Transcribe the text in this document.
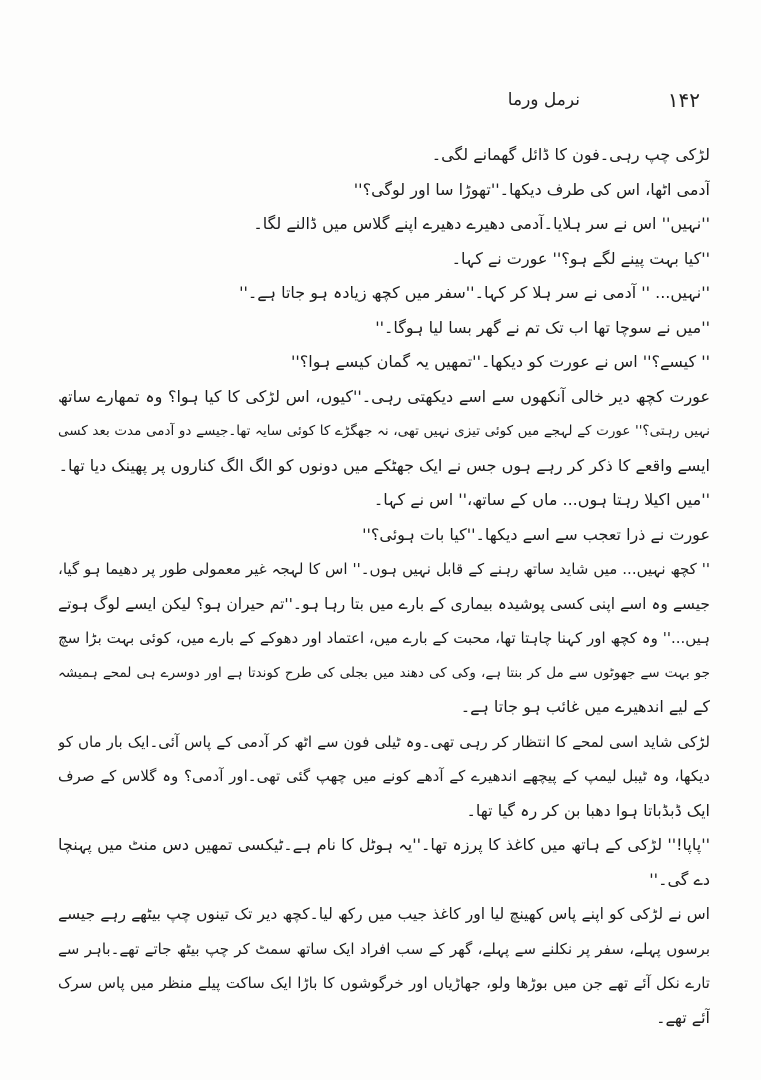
۱۴۲
نرمل ورما
لڑکی چپ رہی۔فون کا ڈائل گھمانے لگی۔
آدمی اٹھا، اس کی طرف دیکھا۔''تھوڑا سا اور لوگی؟''
''نہیں'' اس نے سر ہلایا۔آدمی دھیرے دھیرے اپنے گلاس میں ڈالنے لگا۔
''کیا بہت پینے لگے ہو؟'' عورت نے کہا۔
''نہیں... '' آدمی نے سر ہلا کر کہا۔''سفر میں کچھ زیادہ ہو جاتا ہے۔''
''میں نے سوچا تھا اب تک تم نے گھر بسا لیا ہوگا۔''
'' کیسے؟'' اس نے عورت کو دیکھا۔''تمھیں یہ گمان کیسے ہوا؟''
عورت کچھ دیر خالی آنکھوں سے اسے دیکھتی رہی۔''کیوں، اس لڑکی کا کیا ہوا؟ وہ تمھارے ساتھ
نہیں رہتی؟'' عورت کے لہجے میں کوئی تیزی نہیں تھی، نہ جھگڑے کا کوئی سایہ تھا۔جیسے دو آدمی مدت بعد کسی
ایسے واقعے کا ذکر کر رہے ہوں جس نے ایک جھٹکے میں دونوں کو الگ الگ کناروں پر پھینک دیا تھا۔
''میں اکیلا رہتا ہوں... ماں کے ساتھ،'' اس نے کہا۔
عورت نے ذرا تعجب سے اسے دیکھا۔''کیا بات ہوئی؟''
'' کچھ نہیں... میں شاید ساتھ رہنے کے قابل نہیں ہوں۔'' اس کا لہجہ غیر معمولی طور پر دھیما ہو گیا،
جیسے وہ اسے اپنی کسی پوشیدہ بیماری کے بارے میں بتا رہا ہو۔''تم حیران ہو؟ لیکن ایسے لوگ ہوتے
ہیں...'' وہ کچھ اور کہنا چاہتا تھا، محبت کے بارے میں، اعتماد اور دھوکے کے بارے میں، کوئی بہت بڑا سچ
جو بہت سے جھوٹوں سے مل کر بنتا ہے، وکی کی دھند میں بجلی کی طرح کوندتا ہے اور دوسرے ہی لمحے ہمیشہ
کے لیے اندھیرے میں غائب ہو جاتا ہے۔
لڑکی شاید اسی لمحے کا انتظار کر رہی تھی۔وہ ٹیلی فون سے اٹھ کر آدمی کے پاس آئی۔ایک بار ماں کو
دیکھا، وہ ٹیبل لیمپ کے پیچھے اندھیرے کے آدھے کونے میں چھپ گئی تھی۔اور آدمی؟ وہ گلاس کے صرف
ایک ڈبڈباتا ہوا دھبا بن کر رہ گیا تھا۔
''پاپا!'' لڑکی کے ہاتھ میں کاغذ کا پرزہ تھا۔''یہ ہوٹل کا نام ہے۔ٹیکسی تمھیں دس منٹ میں پہنچا
دے گی۔''
اس نے لڑکی کو اپنے پاس کھینچ لیا اور کاغذ جیب میں رکھ لیا۔کچھ دیر تک تینوں چپ بیٹھے رہے جیسے
برسوں پہلے، سفر پر نکلنے سے پہلے، گھر کے سب افراد ایک ساتھ سمٹ کر چپ بیٹھ جاتے تھے۔باہر سے
تارے نکل آئے تھے جن میں بوڑھا ولو، جھاڑیاں اور خرگوشوں کا باڑا ایک ساکت پیلے منظر میں پاس سرک
آئے تھے۔
